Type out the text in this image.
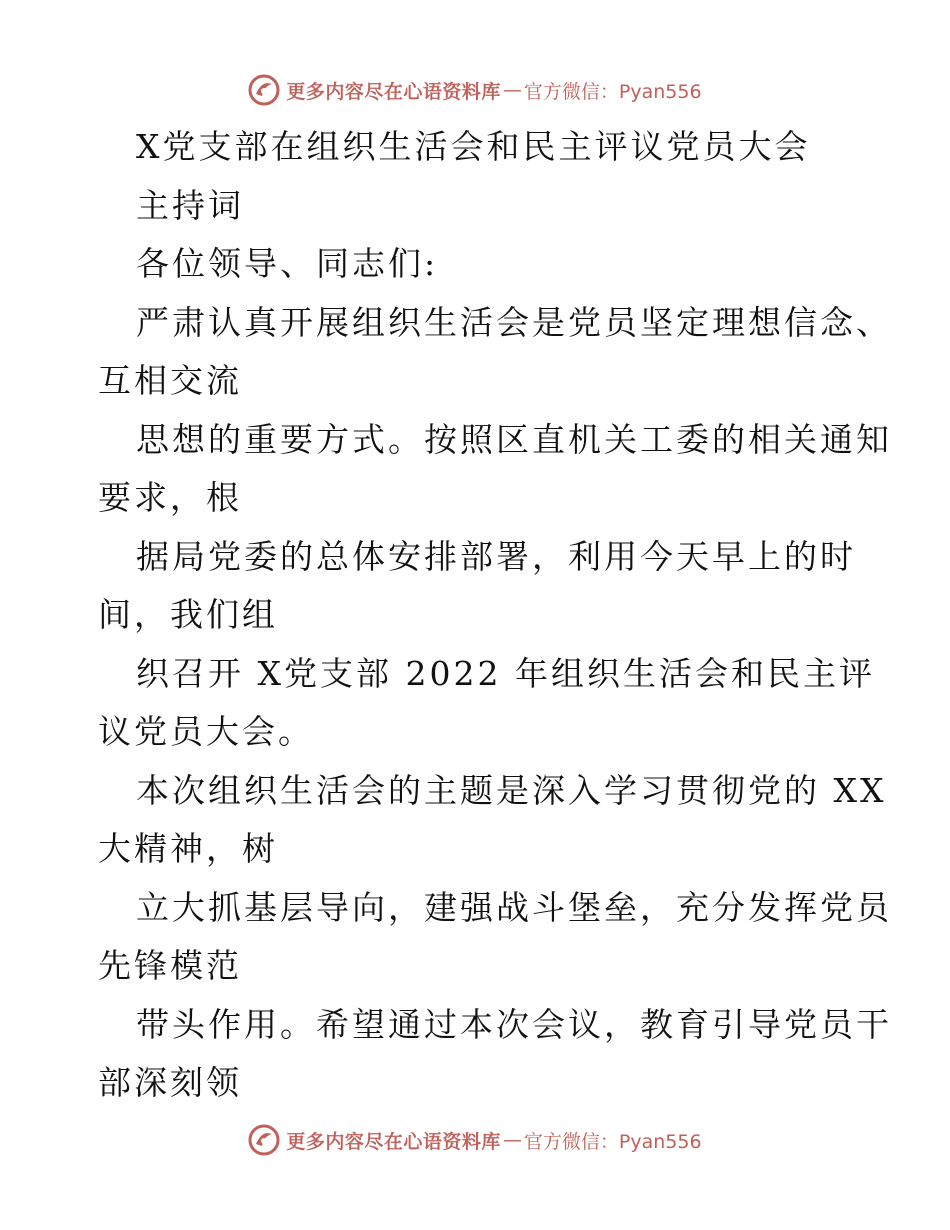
更多内容尽在心语资料库 — 官方微信：Pyan556
X党支部在组织生活会和民主评议党员大会
主持词
各位领导、同志们:
严肃认真开展组织生活会是党员坚定理想信念、
互相交流
思想的重要方式。按照区直机关工委的相关通知
要求，根
据局党委的总体安排部署，利用今天早上的时
间，我们组
织召开 X党支部 2022 年组织生活会和民主评
议党员大会。
本次组织生活会的主题是深入学习贯彻党的 XX
大精神，树
立大抓基层导向，建强战斗堡垒，充分发挥党员
先锋模范
带头作用。希望通过本次会议，教育引导党员干
部深刻领
更多内容尽在心语资料库 — 官方微信：Pyan556
